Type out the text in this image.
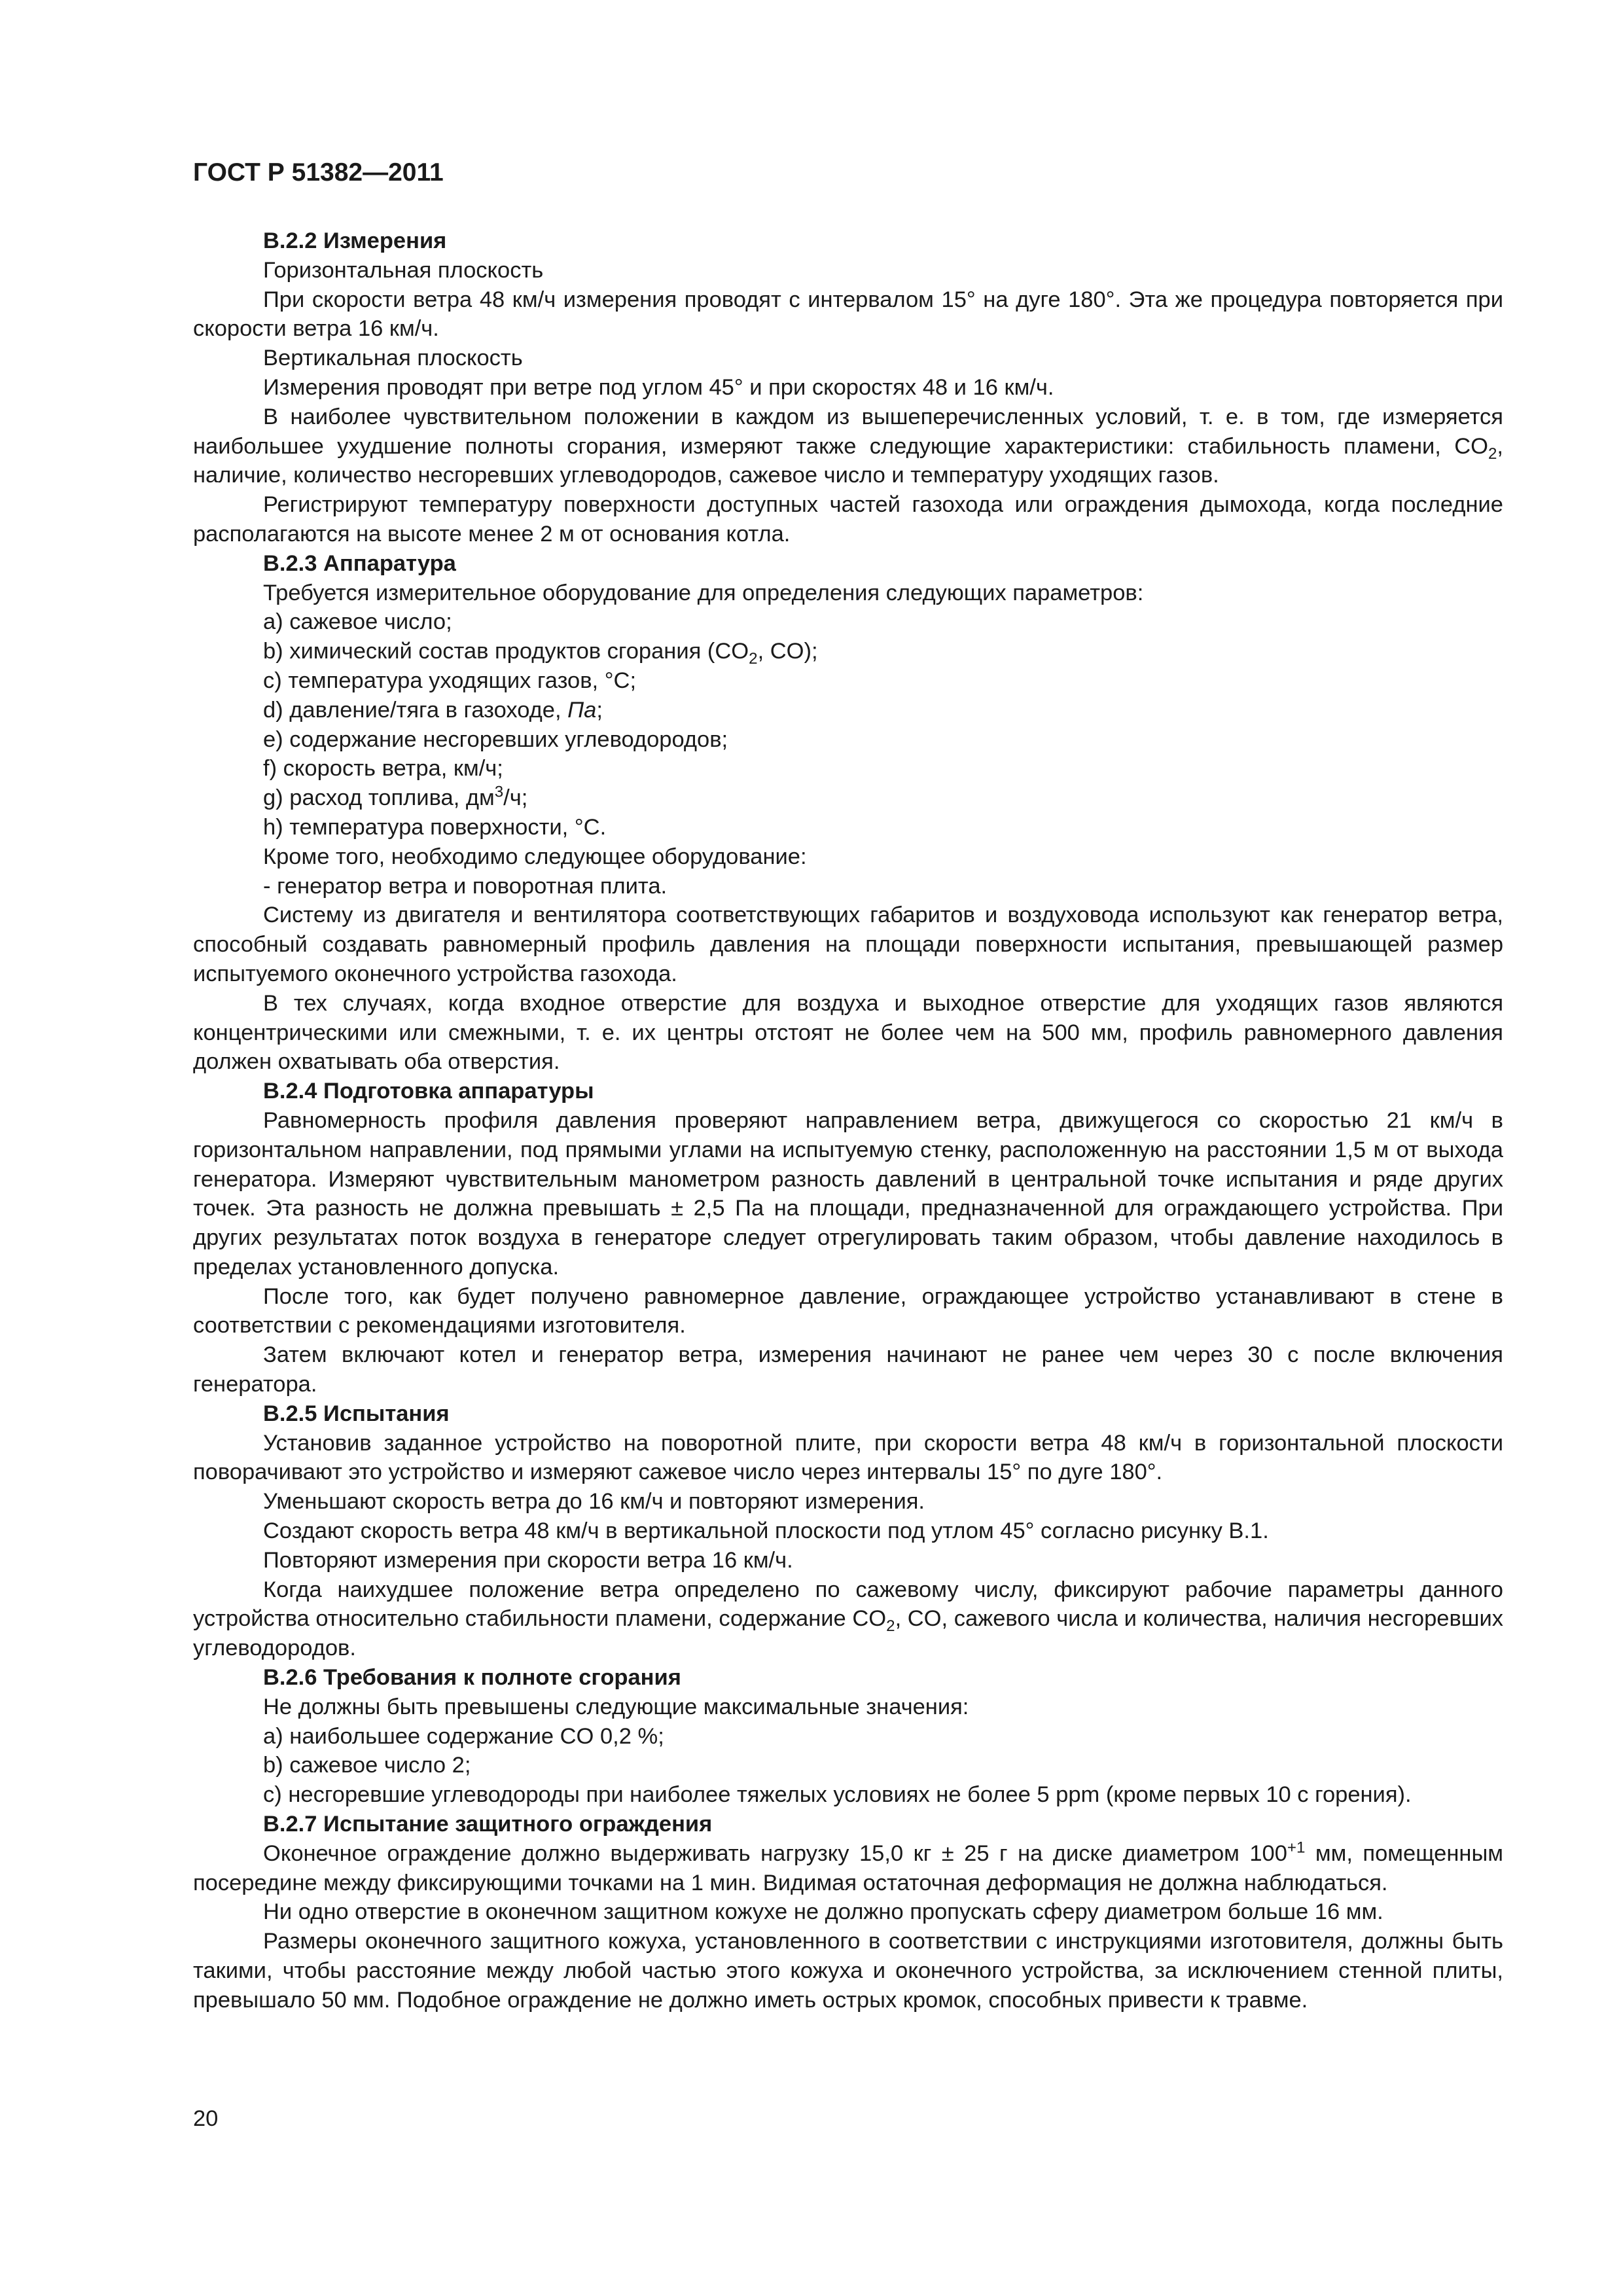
ГОСТ Р 51382—2011

В.2.2 Измерения

Горизонтальная плоскость

При скорости ветра 48 км/ч измерения проводят с интервалом 15° на дуге 180°. Эта же процедура повторяется при скорости ветра 16 км/ч.

Вертикальная плоскость

Измерения проводят при ветре под углом 45° и при скоростях 48 и 16 км/ч.

В наиболее чувствительном положении в каждом из вышеперечисленных условий, т. е. в том, где измеряется наибольшее ухудшение полноты сгорания, измеряют также следующие характеристики: стабильность пламени, $CO_2$, наличие, количество несгоревших углеводородов, сажевое число и температуру уходящих газов.

Регистрируют температуру поверхности доступных частей газохода или ограждения дымохода, когда последние располагаются на высоте менее 2 м от основания котла.

В.2.3 Аппаратура

Требуется измерительное оборудование для определения следующих параметров:

а) сажевое число;

b) химический состав продуктов сгорания ($CO_2$, CO);

с) температура уходящих газов, °С;

d) давление/тяга в газоходе, Па;

е) содержание несгоревших углеводородов;

f) скорость ветра, км/ч;

g) расход топлива, $дм^3/ч$;

h) температура поверхности, °С.

Кроме того, необходимо следующее оборудование:

- генератор ветра и поворотная плита.

Систему из двигателя и вентилятора соответствующих габаритов и воздуховода используют как генератор ветра, способный создавать равномерный профиль давления на площади поверхности испытания, превышающей размер испытуемого оконечного устройства газохода.

В тех случаях, когда входное отверстие для воздуха и выходное отверстие для уходящих газов являются концентрическими или смежными, т. е. их центры отстоят не более чем на 500 мм, профиль равномерного давления должен охватывать оба отверстия.

В.2.4 Подготовка аппаратуры

Равномерность профиля давления проверяют направлением ветра, движущегося со скоростью 21 км/ч в горизонтальном направлении, под прямыми углами на испытуемую стенку, расположенную на расстоянии 1,5 м от выхода генератора. Измеряют чувствительным манометром разность давлений в центральной точке испытания и ряде других точек. Эта разность не должна превышать ± 2,5 Па на площади, предназначенной для ограждающего устройства. При других результатах поток воздуха в генераторе следует отрегулировать таким образом, чтобы давление находилось в пределах установленного допуска.

После того, как будет получено равномерное давление, ограждающее устройство устанавливают в стене в соответствии с рекомендациями изготовителя.

Затем включают котел и генератор ветра, измерения начинают не ранее чем через 30 с после включения генератора.

В.2.5 Испытания

Установив заданное устройство на поворотной плите, при скорости ветра 48 км/ч в горизонтальной плоскости поворачивают это устройство и измеряют сажевое число через интервалы 15° по дуге 180°.

Уменьшают скорость ветра до 16 км/ч и повторяют измерения.

Создают скорость ветра 48 км/ч в вертикальной плоскости под утлом 45° согласно рисунку В.1.

Повторяют измерения при скорости ветра 16 км/ч.

Когда наихудшее положение ветра определено по сажевому числу, фиксируют рабочие параметры данного устройства относительно стабильности пламени, содержание $CO_2$, CO, сажевого числа и количества, наличия несгоревших углеводородов.

В.2.6 Требования к полноте сгорания

Не должны быть превышены следующие максимальные значения:

а) наибольшее содержание CO 0,2 %;

b) сажевое число 2;

с) несгоревшие углеводороды при наиболее тяжелых условиях не более 5 ppm (кроме первых 10 с горения).

В.2.7 Испытание защитного ограждения

Оконечное ограждение должно выдерживать нагрузку 15,0 кг ± 25 г на диске диаметром $100^{+1}$ мм, помещенным посередине между фиксирующими точками на 1 мин. Видимая остаточная деформация не должна наблюдаться.

Ни одно отверстие в оконечном защитном кожухе не должно пропускать сферу диаметром больше 16 мм.

Размеры оконечного защитного кожуха, установленного в соответствии с инструкциями изготовителя, должны быть такими, чтобы расстояние между любой частью этого кожуха и оконечного устройства, за исключением стенной плиты, превышало 50 мм. Подобное ограждение не должно иметь острых кромок, способных привести к травме.

20
